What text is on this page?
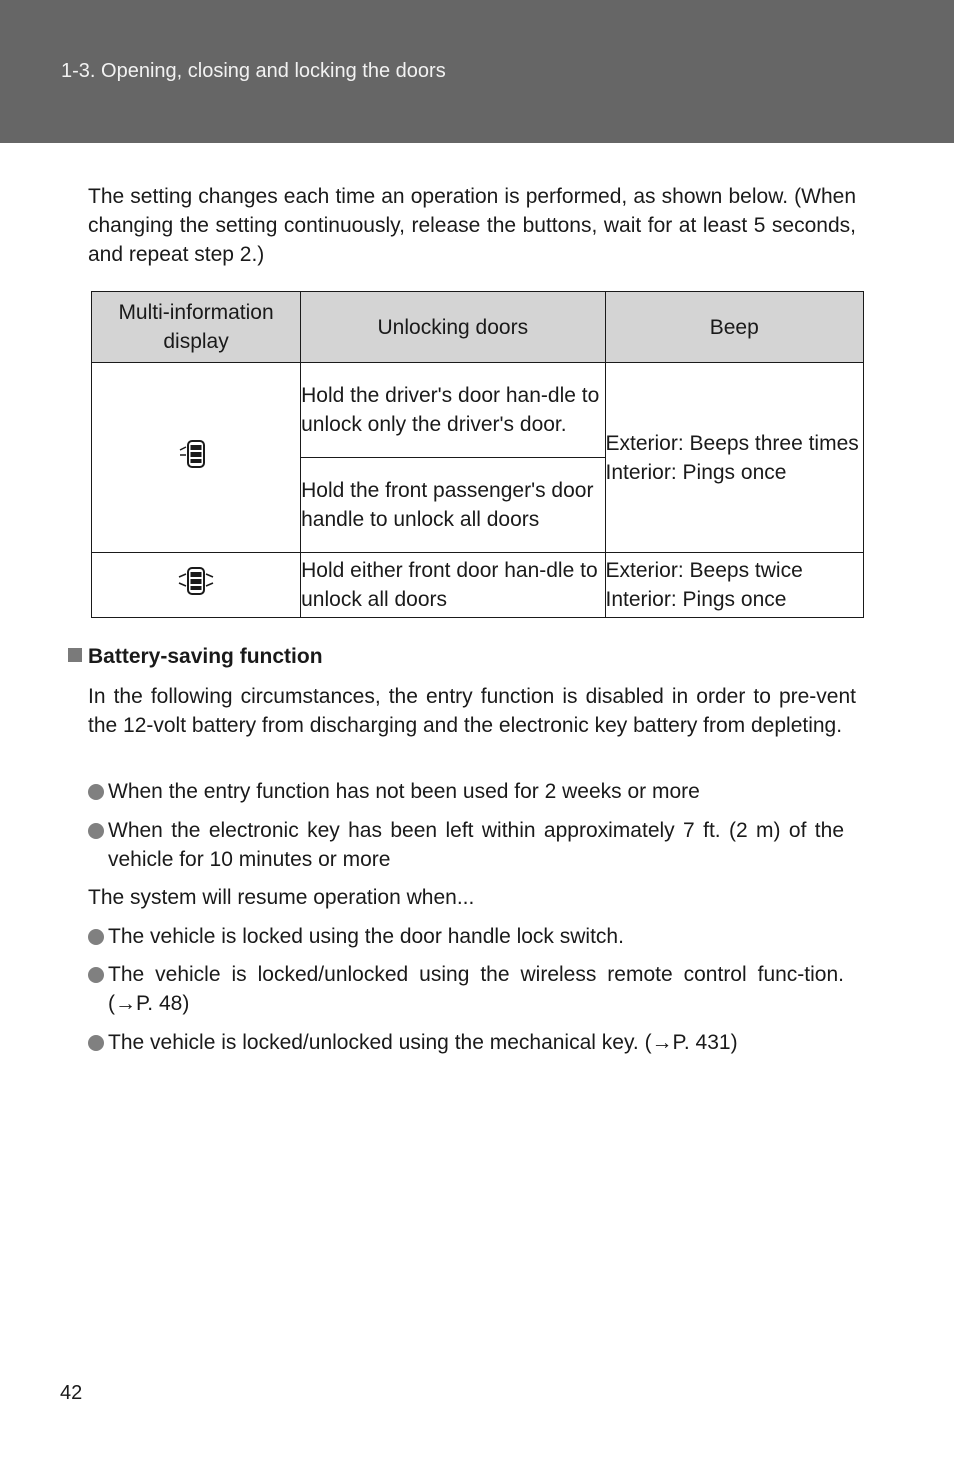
1-3. Opening, closing and locking the doors

The setting changes each time an operation is performed, as shown below. (When changing the setting continuously, release the buttons, wait for at least 5 seconds, and repeat step 2.)

Multi-information display	Unlocking doors	Beep
	Hold the driver's door han-dle to unlock only the driver's door.	Exterior: Beeps three times
Interior: Pings once
	Hold the front passenger's door handle to unlock all doors	
	Hold either front door han-dle to unlock all doors	Exterior: Beeps twice
Interior: Pings once
Battery-saving function

In the following circumstances, the entry function is disabled in order to pre-vent the 12-volt battery from discharging and the electronic key battery from depleting.

When the entry function has not been used for 2 weeks or more
When the electronic key has been left within approximately 7 ft. (2 m) of the vehicle for 10 minutes or more

The system will resume operation when...

The vehicle is locked using the door handle lock switch.
The vehicle is locked/unlocked using the wireless remote control func-tion. (→P. 48)
The vehicle is locked/unlocked using the mechanical key. (→P. 431)
42
